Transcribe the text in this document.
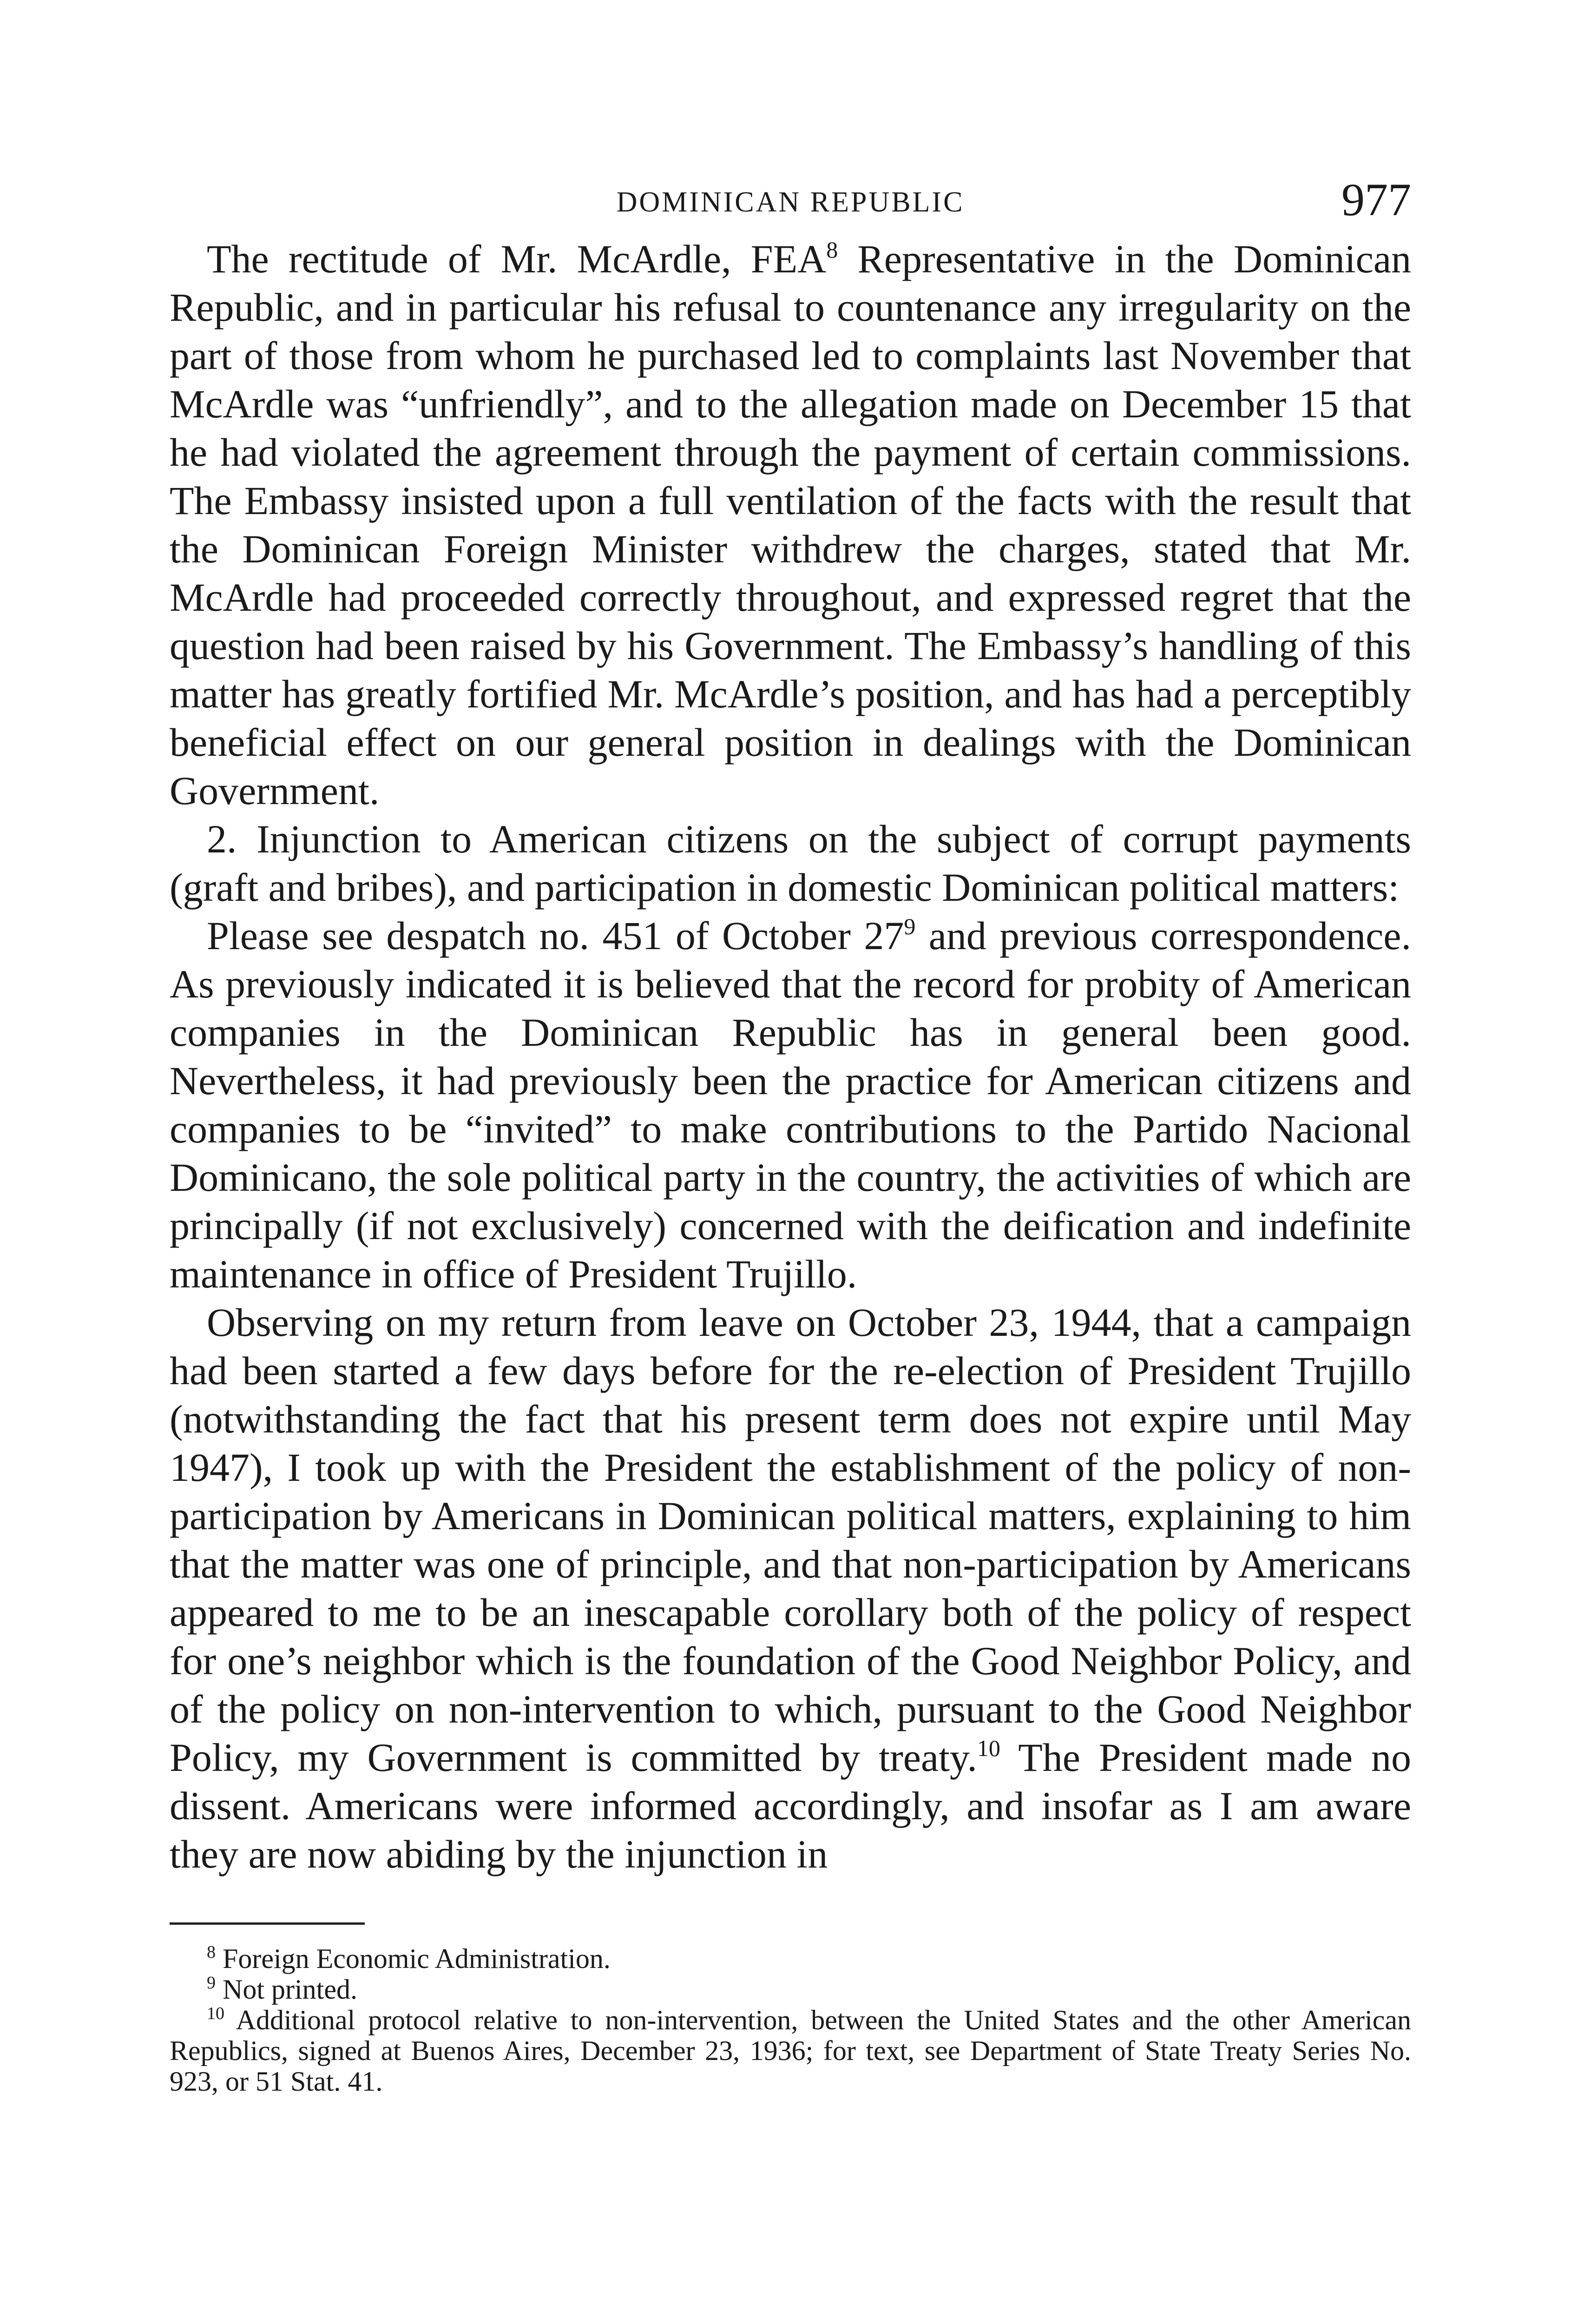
DOMINICAN REPUBLIC	977

The rectitude of Mr. McArdle, FEA$^8$ Representative in the Dominican Republic, and in particular his refusal to countenance any irregularity on the part of those from whom he purchased led to complaints last November that McArdle was “unfriendly”, and to the allegation made on December 15 that he had violated the agreement through the payment of certain commissions. The Embassy insisted upon a full ventilation of the facts with the result that the Dominican Foreign Minister withdrew the charges, stated that Mr. McArdle had proceeded correctly throughout, and expressed regret that the question had been raised by his Government. The Embassy’s handling of this matter has greatly fortified Mr. McArdle’s position, and has had a perceptibly beneficial effect on our general position in dealings with the Dominican Government.

2. Injunction to American citizens on the subject of corrupt payments (graft and bribes), and participation in domestic Dominican political matters:

Please see despatch no. 451 of October $27^9$ and previous correspondence. As previously indicated it is believed that the record for probity of American companies in the Dominican Republic has in general been good. Nevertheless, it had previously been the practice for American citizens and companies to be “invited” to make contributions to the Partido Nacional Dominicano, the sole political party in the country, the activities of which are principally (if not exclusively) concerned with the deification and indefinite maintenance in office of President Trujillo.

Observing on my return from leave on October 23, 1944, that a campaign had been started a few days before for the re-election of President Trujillo (notwithstanding the fact that his present term does not expire until May 1947), I took up with the President the establishment of the policy of non-participation by Americans in Dominican political matters, explaining to him that the matter was one of principle, and that non-participation by Americans appeared to me to be an inescapable corollary both of the policy of respect for one’s neighbor which is the foundation of the Good Neighbor Policy, and of the policy on non-intervention to which, pursuant to the Good Neighbor Policy, my Government is committed by treaty.$^{10}$ The President made no dissent. Americans were informed accordingly, and insofar as I am aware they are now abiding by the injunction in

$^8$ Foreign Economic Administration.

$^9$ Not printed.

$^{10}$ Additional protocol relative to non-intervention, between the United States and the other American Republics, signed at Buenos Aires, December 23, 1936; for text, see Department of State Treaty Series No. 923, or 51 Stat. 41.
